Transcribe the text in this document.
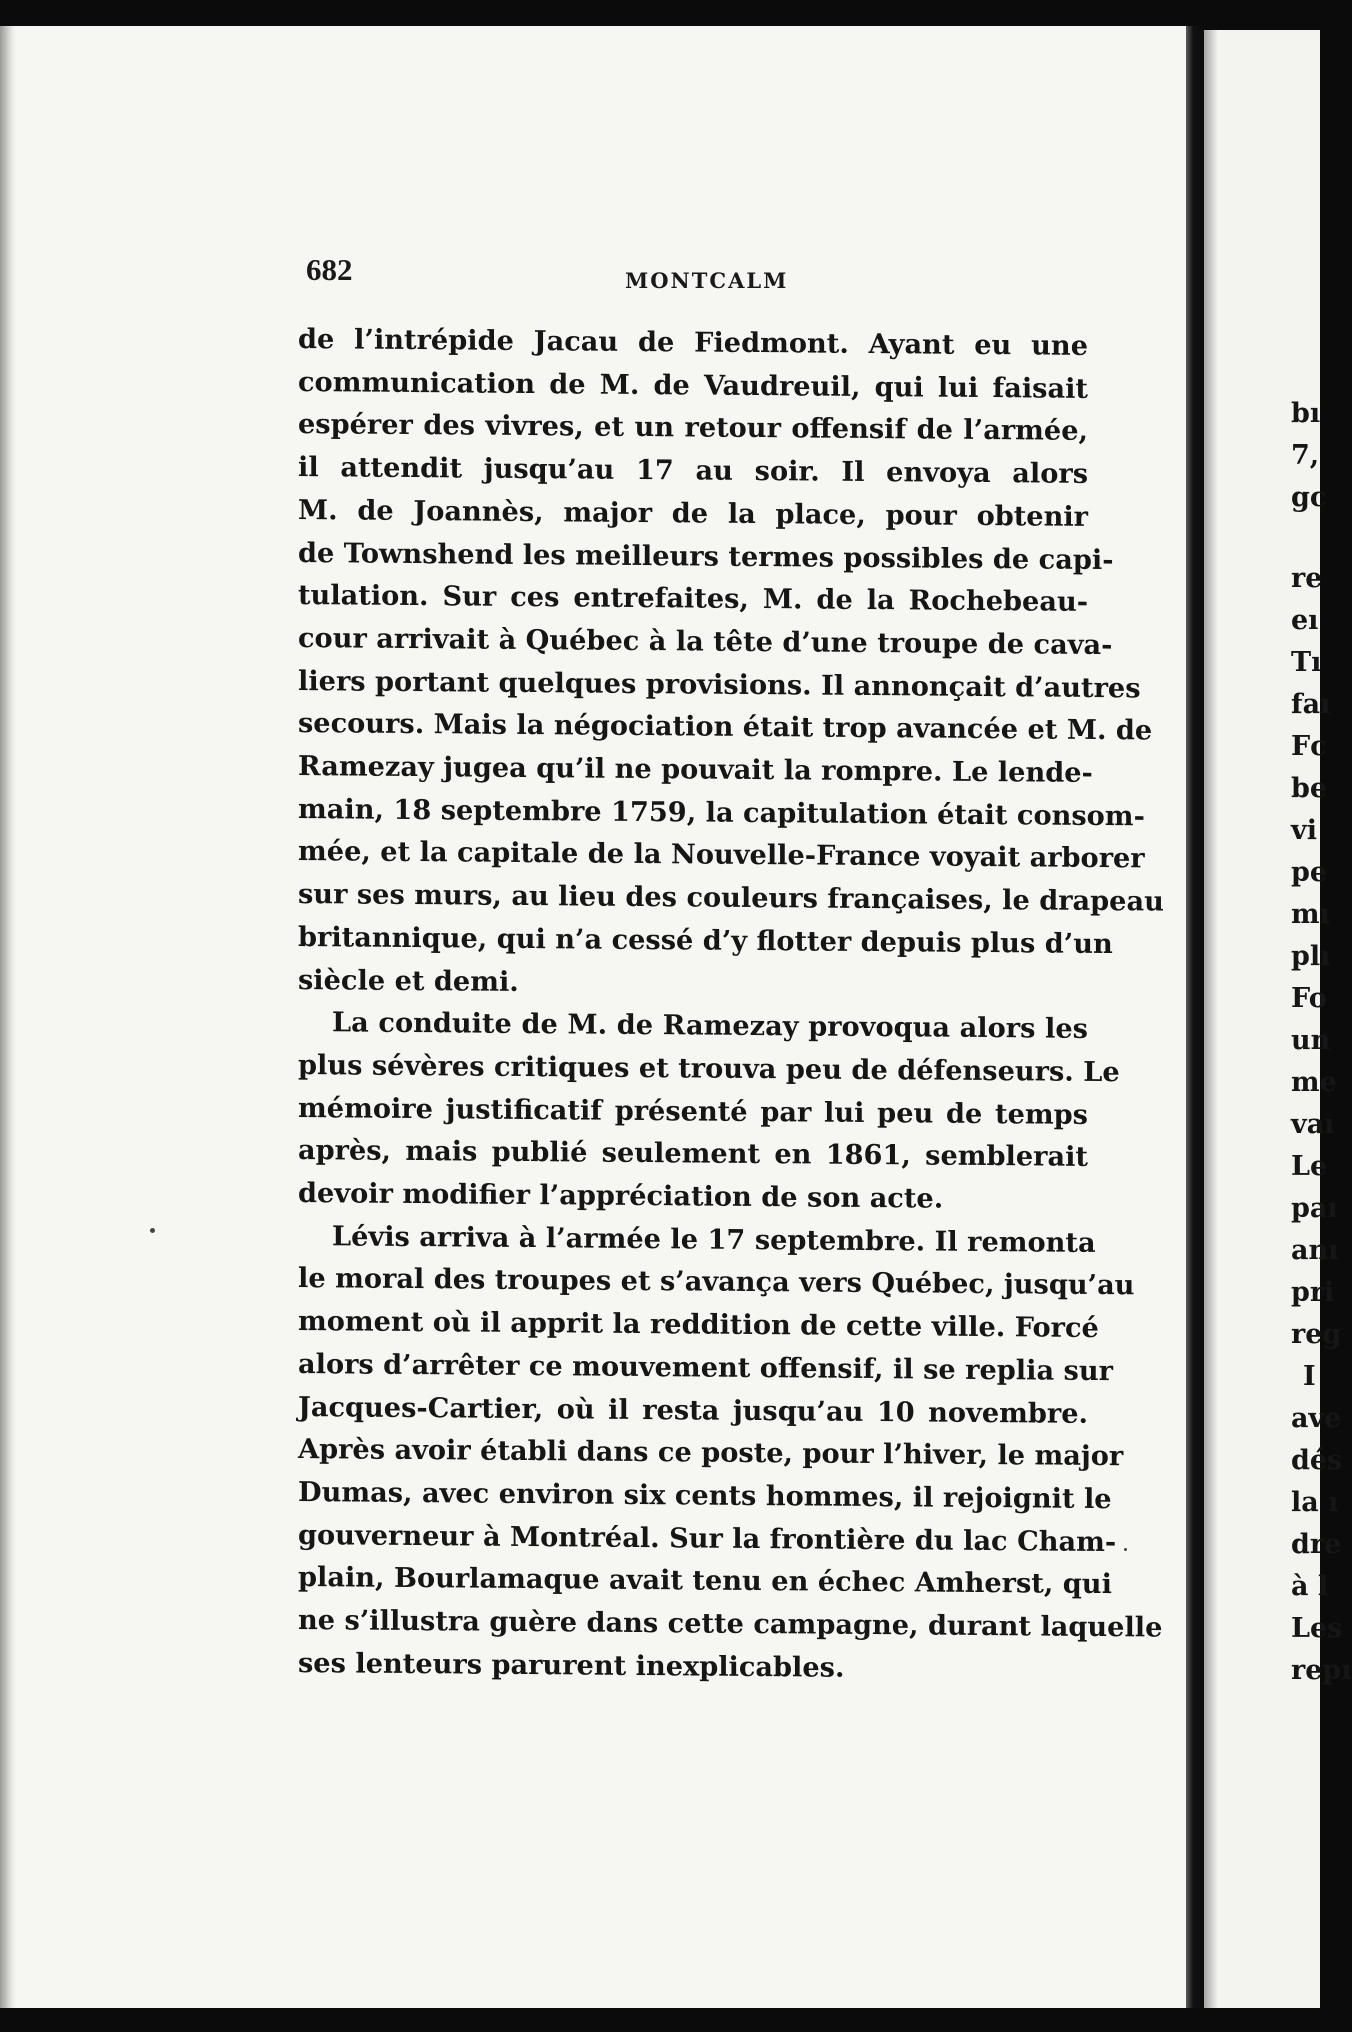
682	MONTCALM
de l’intrépide Jacau de Fiedmont. Ayant eu une
communication de M. de Vaudreuil, qui lui faisait
espérer des vivres, et un retour offensif de l’armée,
il attendit jusqu’au 17 au soir. Il envoya alors
M. de Joannès, major de la place, pour obtenir
de Townshend les meilleurs termes possibles de capi-
tulation. Sur ces entrefaites, M. de la Rochebeau-
cour arrivait à Québec à la tête d’une troupe de cava-
liers portant quelques provisions. Il annonçait d’autres
secours. Mais la négociation était trop avancée et M. de
Ramezay jugea qu’il ne pouvait la rompre. Le lende-
main, 18 septembre 1759, la capitulation était consom-
mée, et la capitale de la Nouvelle-France voyait arborer
sur ses murs, au lieu des couleurs françaises, le drapeau
britannique, qui n’a cessé d’y flotter depuis plus d’un
siècle et demi.
La conduite de M. de Ramezay provoqua alors les
plus sévères critiques et trouva peu de défenseurs. Le
mémoire justificatif présenté par lui peu de temps
après, mais publié seulement en 1861, semblerait
devoir modifier l’appréciation de son acte.
Lévis arriva à l’armée le 17 septembre. Il remonta
le moral des troupes et s’avança vers Québec, jusqu’au
moment où il apprit la reddition de cette ville. Forcé
alors d’arrêter ce mouvement offensif, il se replia sur
Jacques-Cartier, où il resta jusqu’au 10 novembre.
Après avoir établi dans ce poste, pour l’hiver, le major
Dumas, avec environ six cents hommes, il rejoignit le
gouverneur à Montréal. Sur la frontière du lac Cham-
plain, Bourlamaque avait tenu en échec Amherst, qui
ne s’illustra guère dans cette campagne, durant laquelle
ses lenteurs parurent inexplicables.
bı
7,
gc
re
eı
Tı
faı
Fc
be
vi
pe
mı
plı
Fo
un
me
vaı
Le
paı
anı
pri
reg
I
ave
dés
la ı
dre
à l
Les
repı
